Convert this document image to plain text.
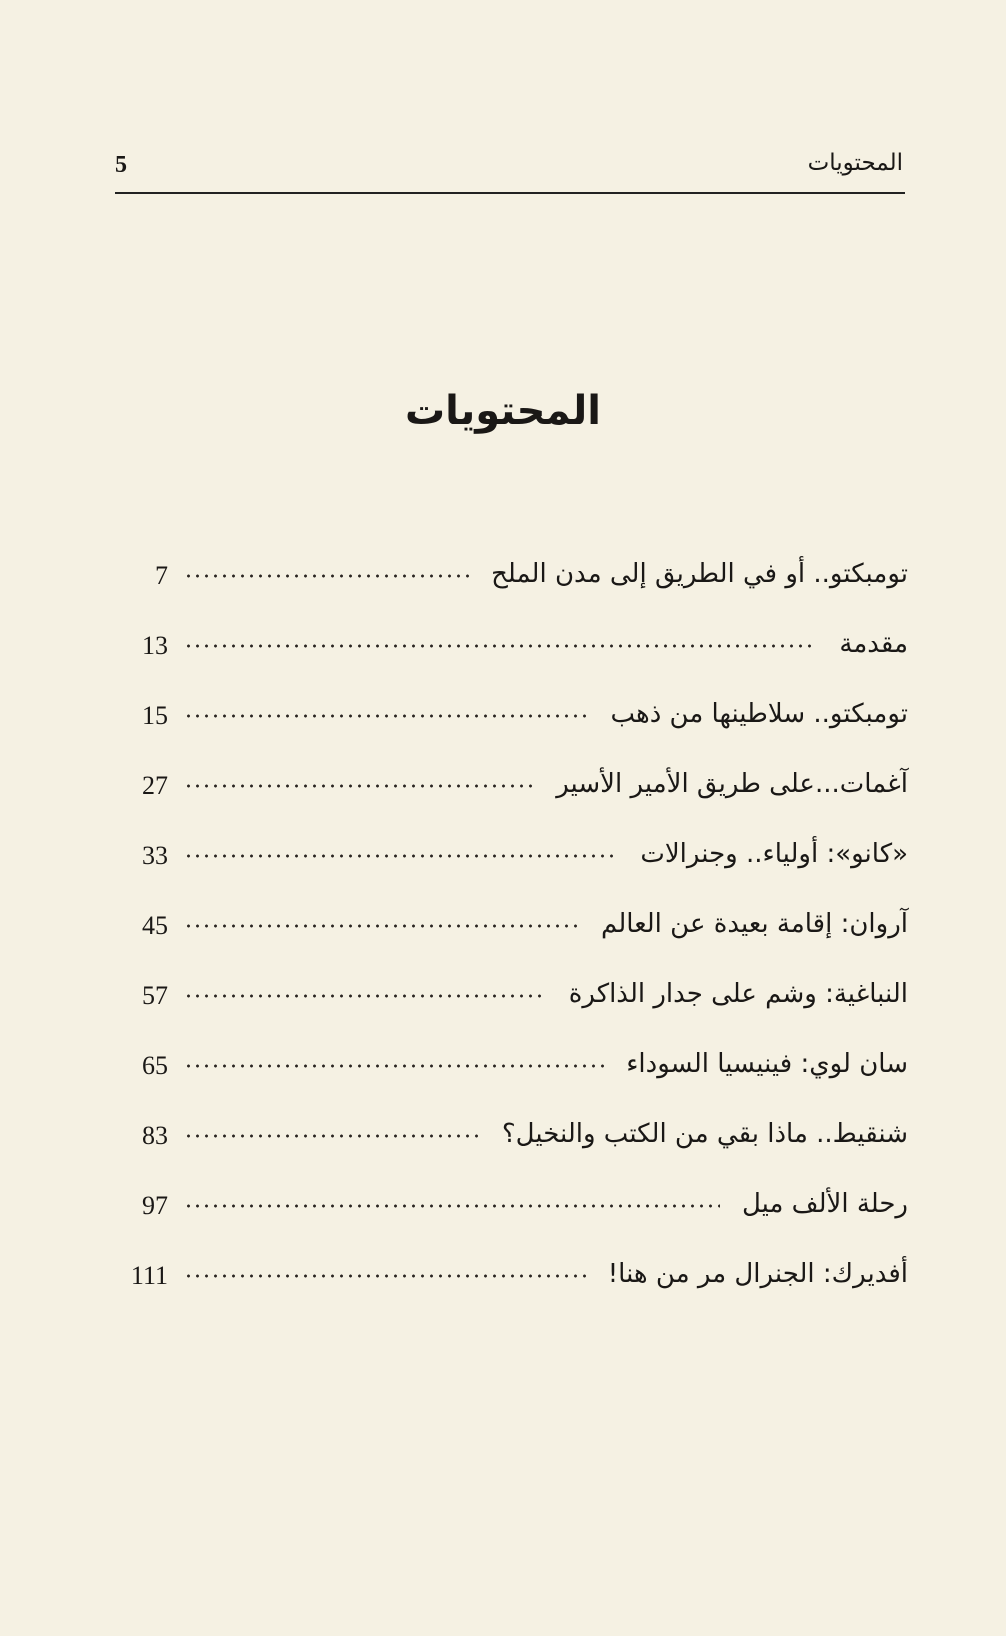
المحتويات
5
المحتويات
تومبكتو.. أو في الطريق إلى مدن الملح
7
مقدمة
13
تومبكتو.. سلاطينها من ذهب
15
آغمات...على طريق الأمير الأسير
27
«كانو»: أولياء.. وجنرالات
33
آروان: إقامة بعيدة عن العالم
45
النباغية: وشم على جدار الذاكرة
57
سان لوي: فينيسيا السوداء
65
شنقيط.. ماذا بقي من الكتب والنخيل؟
83
رحلة الألف ميل
97
أفديرك: الجنرال مر من هنا!
111
